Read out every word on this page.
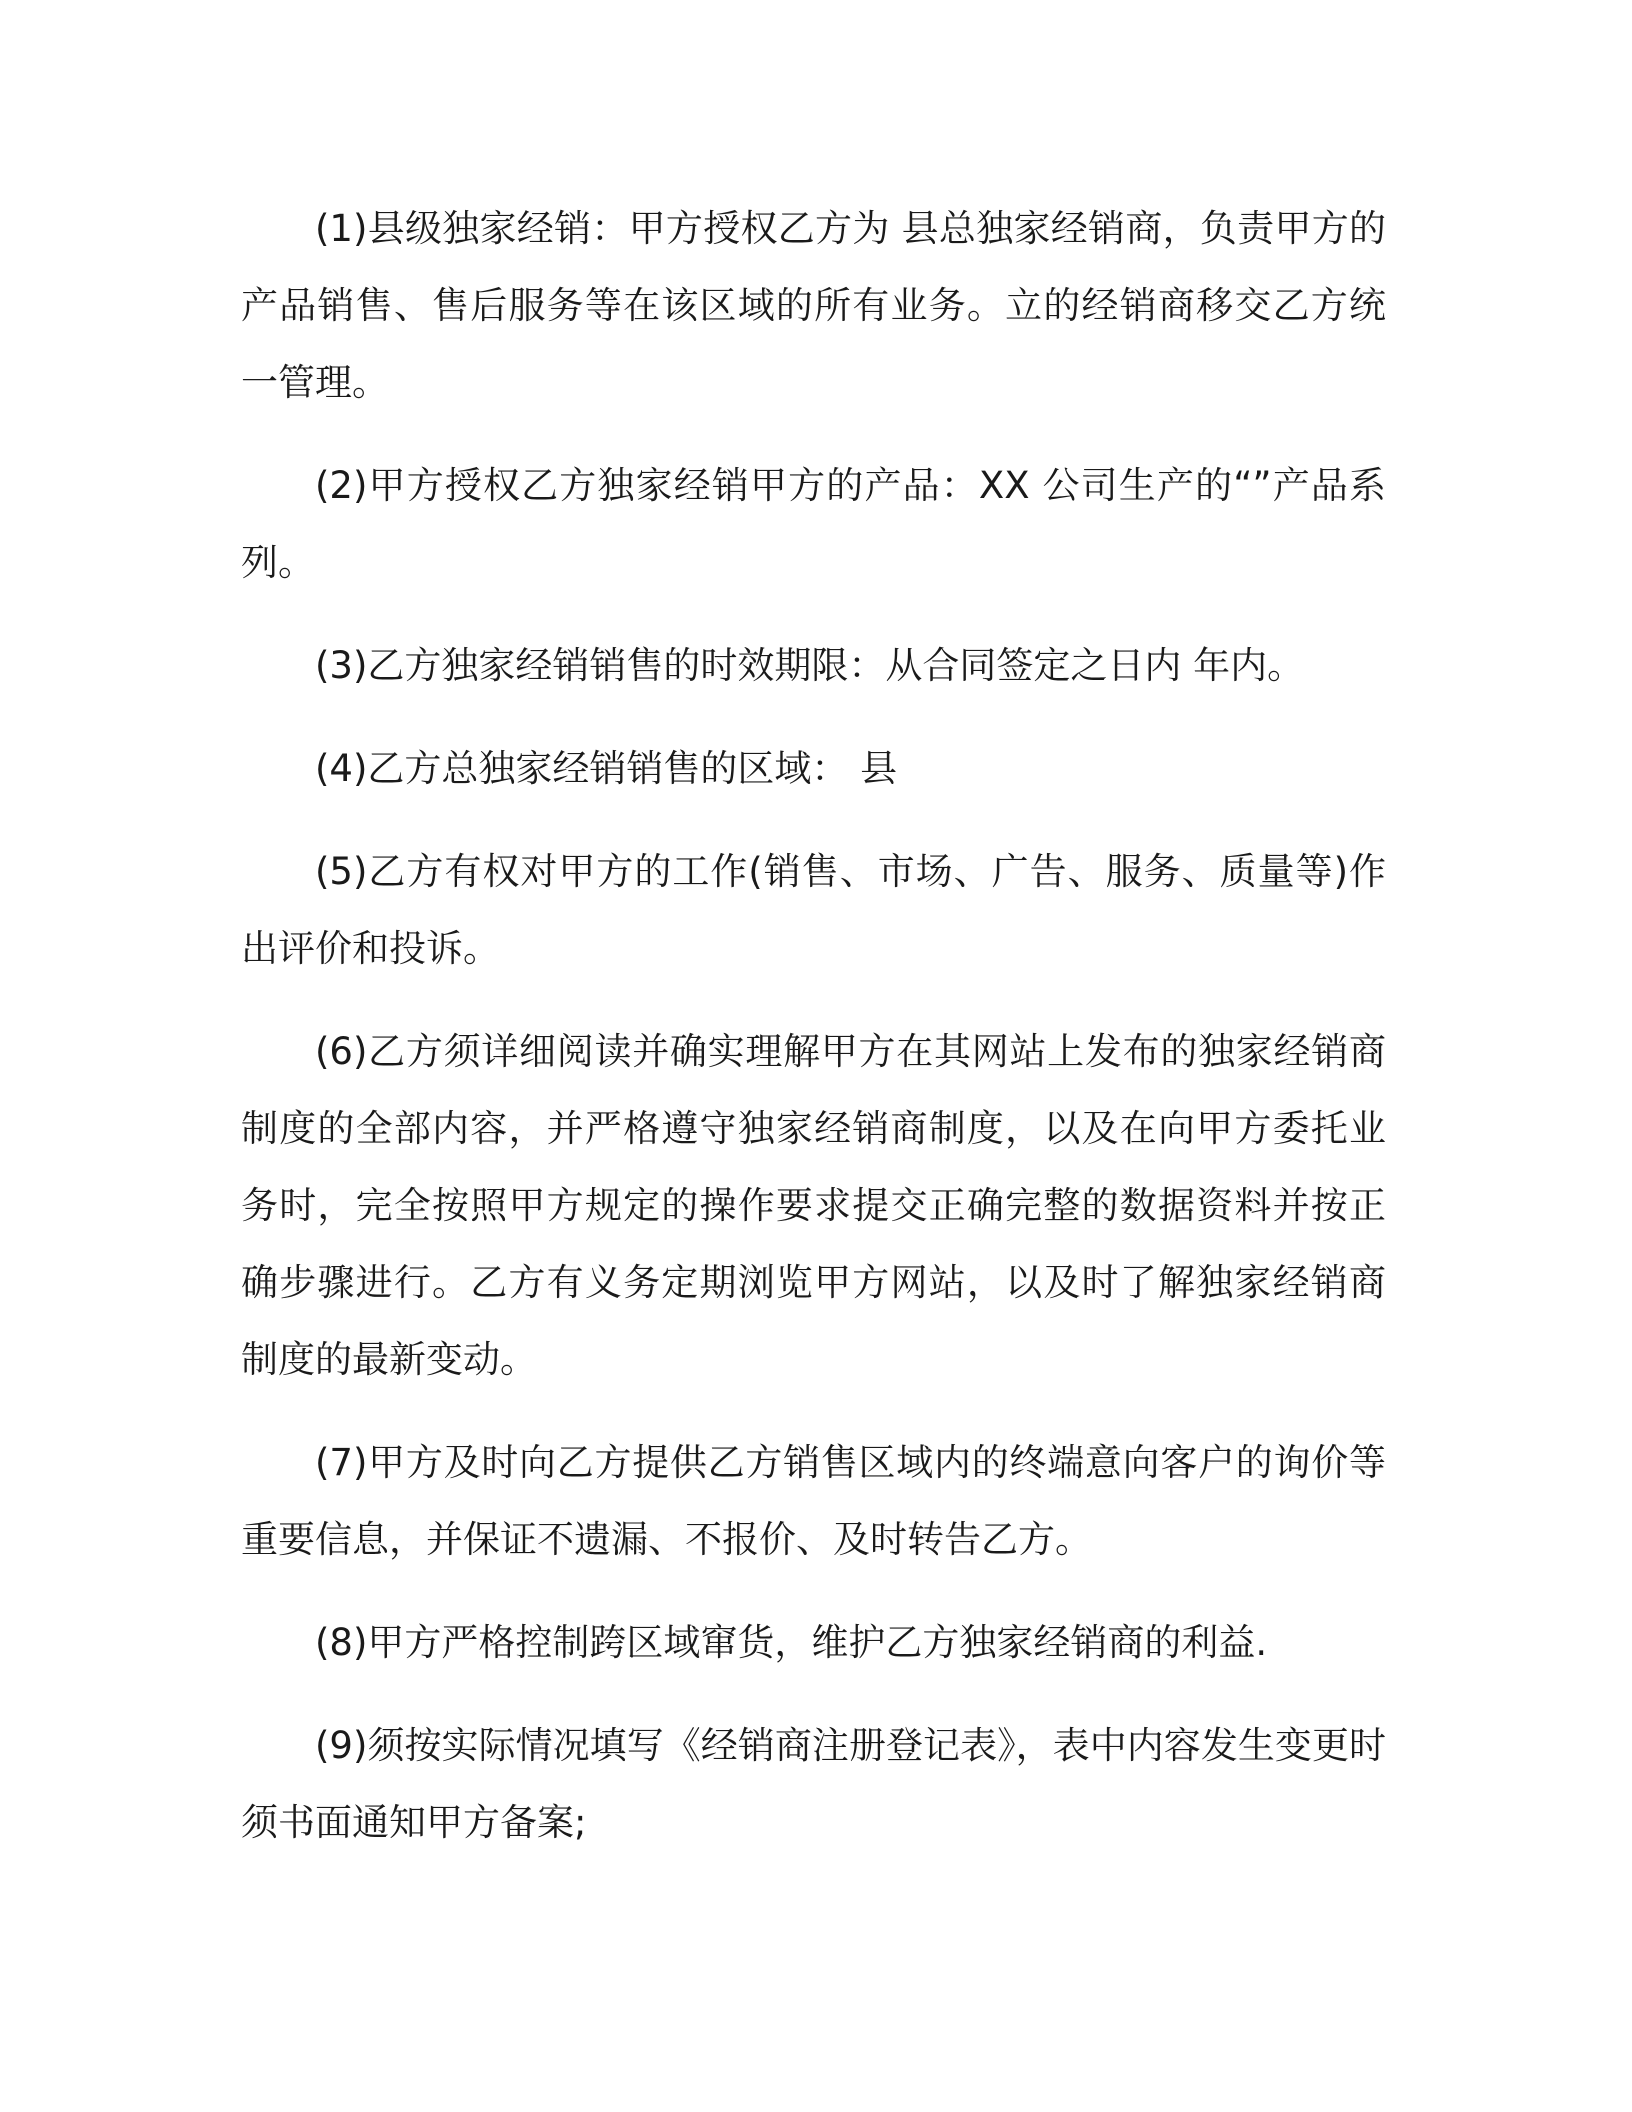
(1)县级独家经销：甲方授权乙方为 县总独家经销商，负责甲方的产品销售、售后服务等在该区域的所有业务。立的经销商移交乙方统一管理。

(2)甲方授权乙方独家经销甲方的产品：XX 公司生产的“”产品系列。

(3)乙方独家经销销售的时效期限：从合同签定之日内 年内。

(4)乙方总独家经销销售的区域： 县

(5)乙方有权对甲方的工作(销售、市场、广告、服务、质量等)作出评价和投诉。

(6)乙方须详细阅读并确实理解甲方在其网站上发布的独家经销商制度的全部内容，并严格遵守独家经销商制度，以及在向甲方委托业务时，完全按照甲方规定的操作要求提交正确完整的数据资料并按正确步骤进行。乙方有义务定期浏览甲方网站，以及时了解独家经销商制度的最新变动。

(7)甲方及时向乙方提供乙方销售区域内的终端意向客户的询价等重要信息，并保证不遗漏、不报价、及时转告乙方。

(8)甲方严格控制跨区域窜货，维护乙方独家经销商的利益.

(9)须按实际情况填写《经销商注册登记表》，表中内容发生变更时须书面通知甲方备案;
